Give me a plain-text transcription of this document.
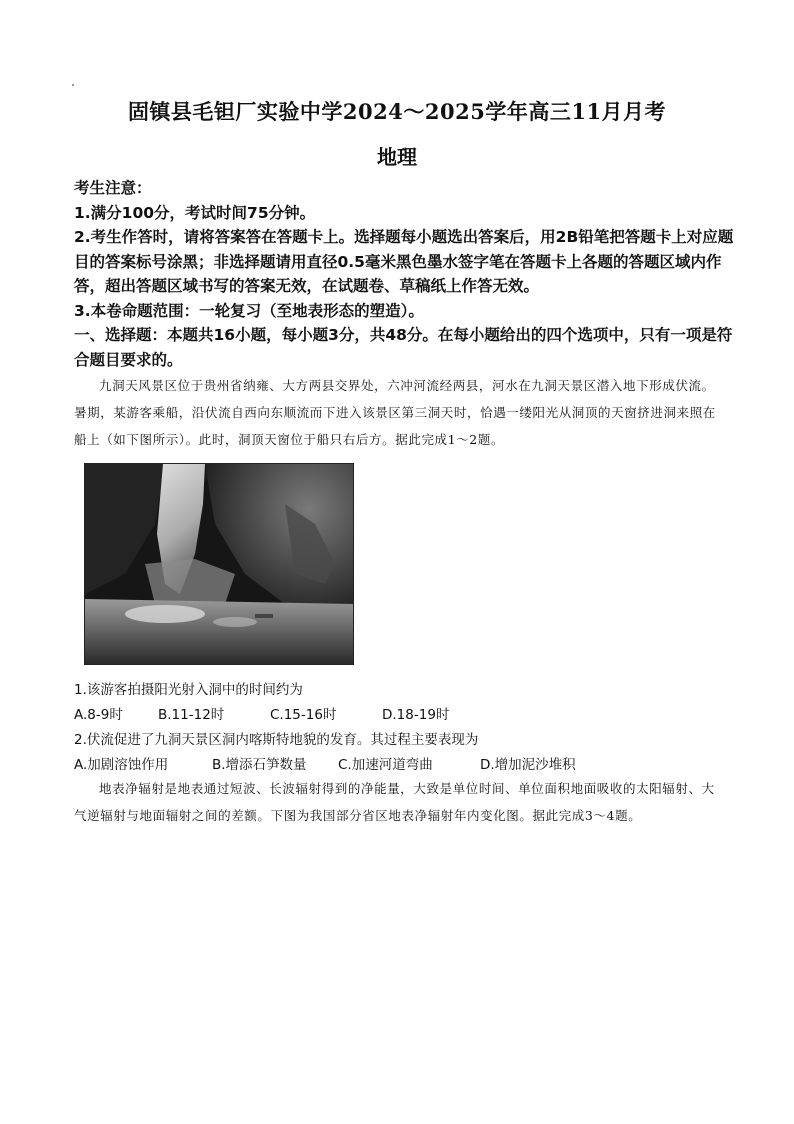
固镇县毛钽厂实验中学2024～2025学年高三11月月考
地理

考生注意：

1.满分100分，考试时间75分钟。

2.考生作答时，请将答案答在答题卡上。选择题每小题选出答案后，用2B铅笔把答题卡上对应题目的答案标号涂黑；非选择题请用直径0.5毫米黑色墨水签字笔在答题卡上各题的答题区域内作答，超出答题区域书写的答案无效，在试题卷、草稿纸上作答无效。

3.本卷命题范围：一轮复习（至地表形态的塑造）。

一、选择题：本题共16小题，每小题3分，共48分。在每小题给出的四个选项中，只有一项是符合题目要求的。

九洞天风景区位于贵州省纳雍、大方两县交界处，六冲河流经两县，河水在九洞天景区潜入地下形成伏流。暑期，某游客乘船，沿伏流自西向东顺流而下进入该景区第三洞天时，恰遇一缕阳光从洞顶的天窗挤进洞来照在船上（如下图所示）。此时，洞顶天窗位于船只右后方。据此完成1～2题。
1.该游客拍摄阳光射入洞中的时间约为
A.8-9时	B.11-12时	C.15-16时	D.18-19时
2.伏流促进了九洞天景区洞内喀斯特地貌的发育。其过程主要表现为
A.加剧溶蚀作用	B.增添石笋数量 C.加速河道弯曲	D.增加泥沙堆积
地表净辐射是地表通过短波、长波辐射得到的净能量，大致是单位时间、单位面积地面吸收的太阳辐射、大气逆辐射与地面辐射之间的差额。下图为我国部分省区地表净辐射年内变化图。据此完成3～4题。
